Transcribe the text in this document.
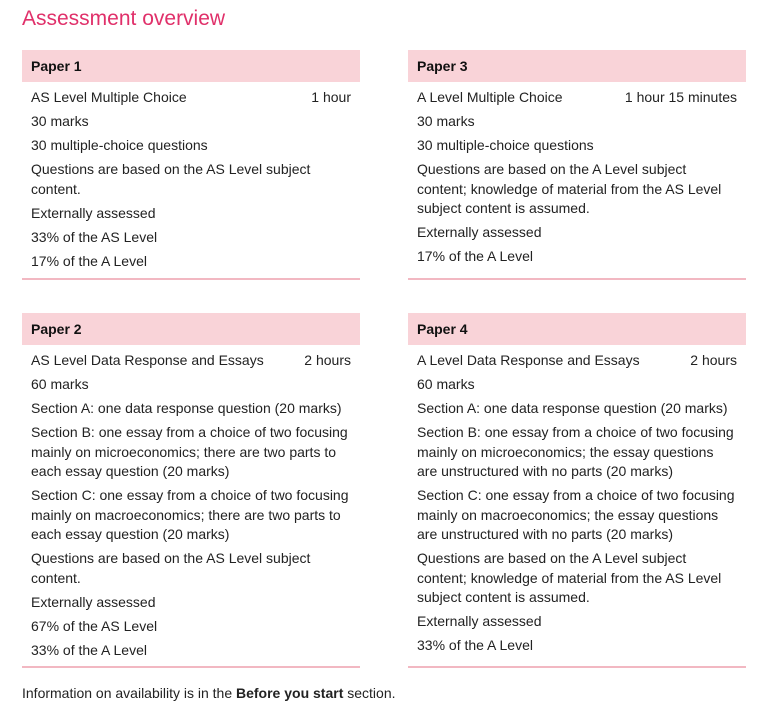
Assessment overview
Paper 1
AS Level Multiple Choice	1 hour
30 marks
30 multiple-choice questions
Questions are based on the AS Level subject content.
Externally assessed
33% of the AS Level
17% of the A Level
Paper 3
A Level Multiple Choice	1 hour 15 minutes
30 marks
30 multiple-choice questions
Questions are based on the A Level subject content; knowledge of material from the AS Level subject content is assumed.
Externally assessed
17% of the A Level
Paper 2
AS Level Data Response and Essays	2 hours
60 marks
Section A: one data response question (20 marks)
Section B: one essay from a choice of two focusing mainly on microeconomics; there are two parts to each essay question (20 marks)
Section C: one essay from a choice of two focusing mainly on macroeconomics; there are two parts to each essay question (20 marks)
Questions are based on the AS Level subject content.
Externally assessed
67% of the AS Level
33% of the A Level
Paper 4
A Level Data Response and Essays	2 hours
60 marks
Section A: one data response question (20 marks)
Section B: one essay from a choice of two focusing mainly on microeconomics; the essay questions are unstructured with no parts (20 marks)
Section C: one essay from a choice of two focusing mainly on macroeconomics; the essay questions are unstructured with no parts (20 marks)
Questions are based on the A Level subject content; knowledge of material from the AS Level subject content is assumed.
Externally assessed
33% of the A Level
Information on availability is in the Before you start section.
